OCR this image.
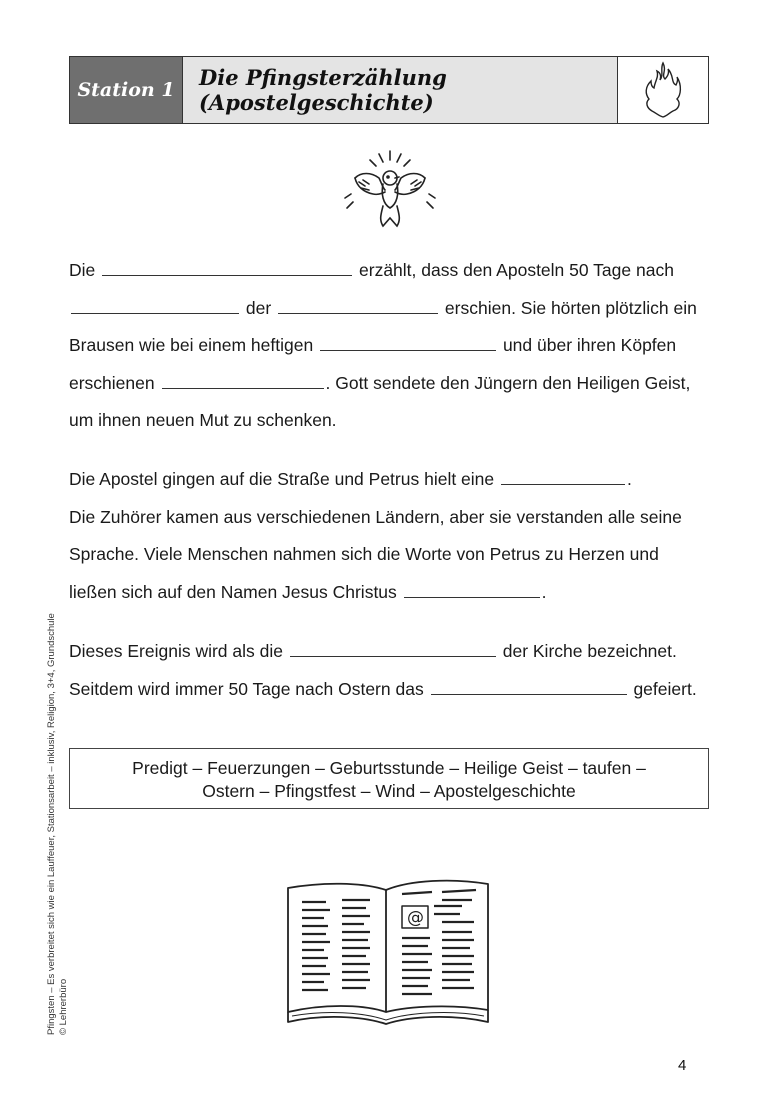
Station 1	Die Pfingsterzählung (Apostelgeschichte)

Die	erzählt, dass den Aposteln 50 Tage nach

der	erschien. Sie hörten plötzlich ein

Brausen wie bei einem heftigen	und über ihren Köpfen

erschienen	. Gott sendete den Jüngern den Heiligen Geist,

um ihnen neuen Mut zu schenken.

Die Apostel gingen auf die Straße und Petrus hielt eine	.

Die Zuhörer kamen aus verschiedenen Ländern, aber sie verstanden alle seine

Sprache. Viele Menschen nahmen sich die Worte von Petrus zu Herzen und

ließen sich auf den Namen Jesus Christus	.

Dieses Ereignis wird als die	der Kirche bezeichnet.

Seitdem wird immer 50 Tage nach Ostern das	gefeiert.

Predigt – Feuerzungen – Geburtsstunde – Heilige Geist – taufen –
Ostern – Pfingstfest – Wind – Apostelgeschichte
@
Pfingsten – Es verbreitet sich wie ein Lauffeuer, Stationsarbeit – inklusiv, Religion, 3+4, Grundschule © Lehrerbüro
4
